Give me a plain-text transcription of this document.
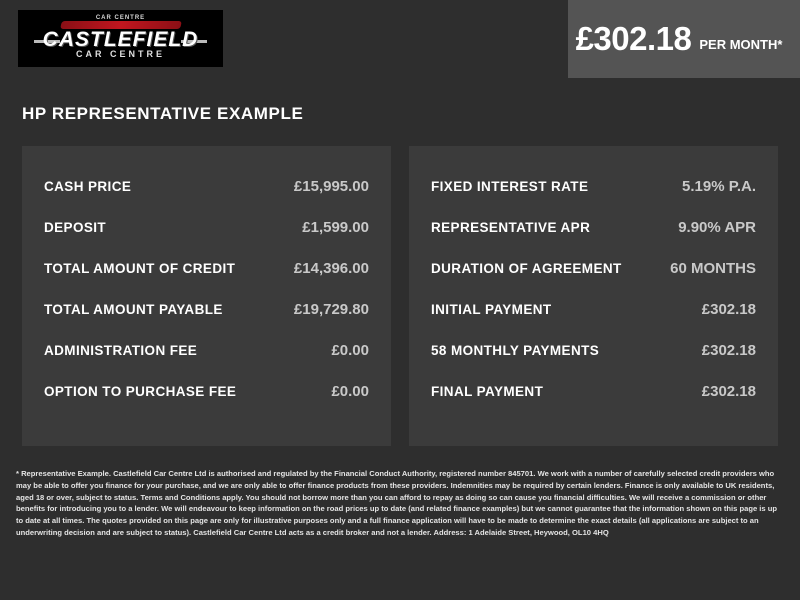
CAR CENTRE
CASTLEFIELD
CAR CENTRE	£302.18 PER MONTH*
HP REPRESENTATIVE EXAMPLE
CASH PRICE	£15,995.00
DEPOSIT	£1,599.00
TOTAL AMOUNT OF CREDIT	£14,396.00
TOTAL AMOUNT PAYABLE	£19,729.80
ADMINISTRATION FEE	£0.00
OPTION TO PURCHASE FEE	£0.00
FIXED INTEREST RATE	5.19% P.A.
REPRESENTATIVE APR	9.90% APR
DURATION OF AGREEMENT	60 MONTHS
INITIAL PAYMENT	£302.18
58 MONTHLY PAYMENTS	£302.18
FINAL PAYMENT	£302.18
* Representative Example. Castlefield Car Centre Ltd is authorised and regulated by the Financial Conduct Authority, registered number 845701. We work with a number of carefully selected credit providers who may be able to offer you finance for your purchase, and we are only able to offer finance products from these providers. Indemnities may be required by certain lenders. Finance is only available to UK residents, aged 18 or over, subject to status. Terms and Conditions apply. You should not borrow more than you can afford to repay as doing so can cause you financial difficulties. We will receive a commission or other benefits for introducing you to a lender. We will endeavour to keep information on the road prices up to date (and related finance examples) but we cannot guarantee that the information shown on this page is up to date at all times. The quotes provided on this page are only for illustrative purposes only and a full finance application will have to be made to determine the exact details (all applications are subject to an underwriting decision and are subject to status). Castlefield Car Centre Ltd acts as a credit broker and not a lender. Address: 1 Adelaide Street, Heywood, OL10 4HQ
